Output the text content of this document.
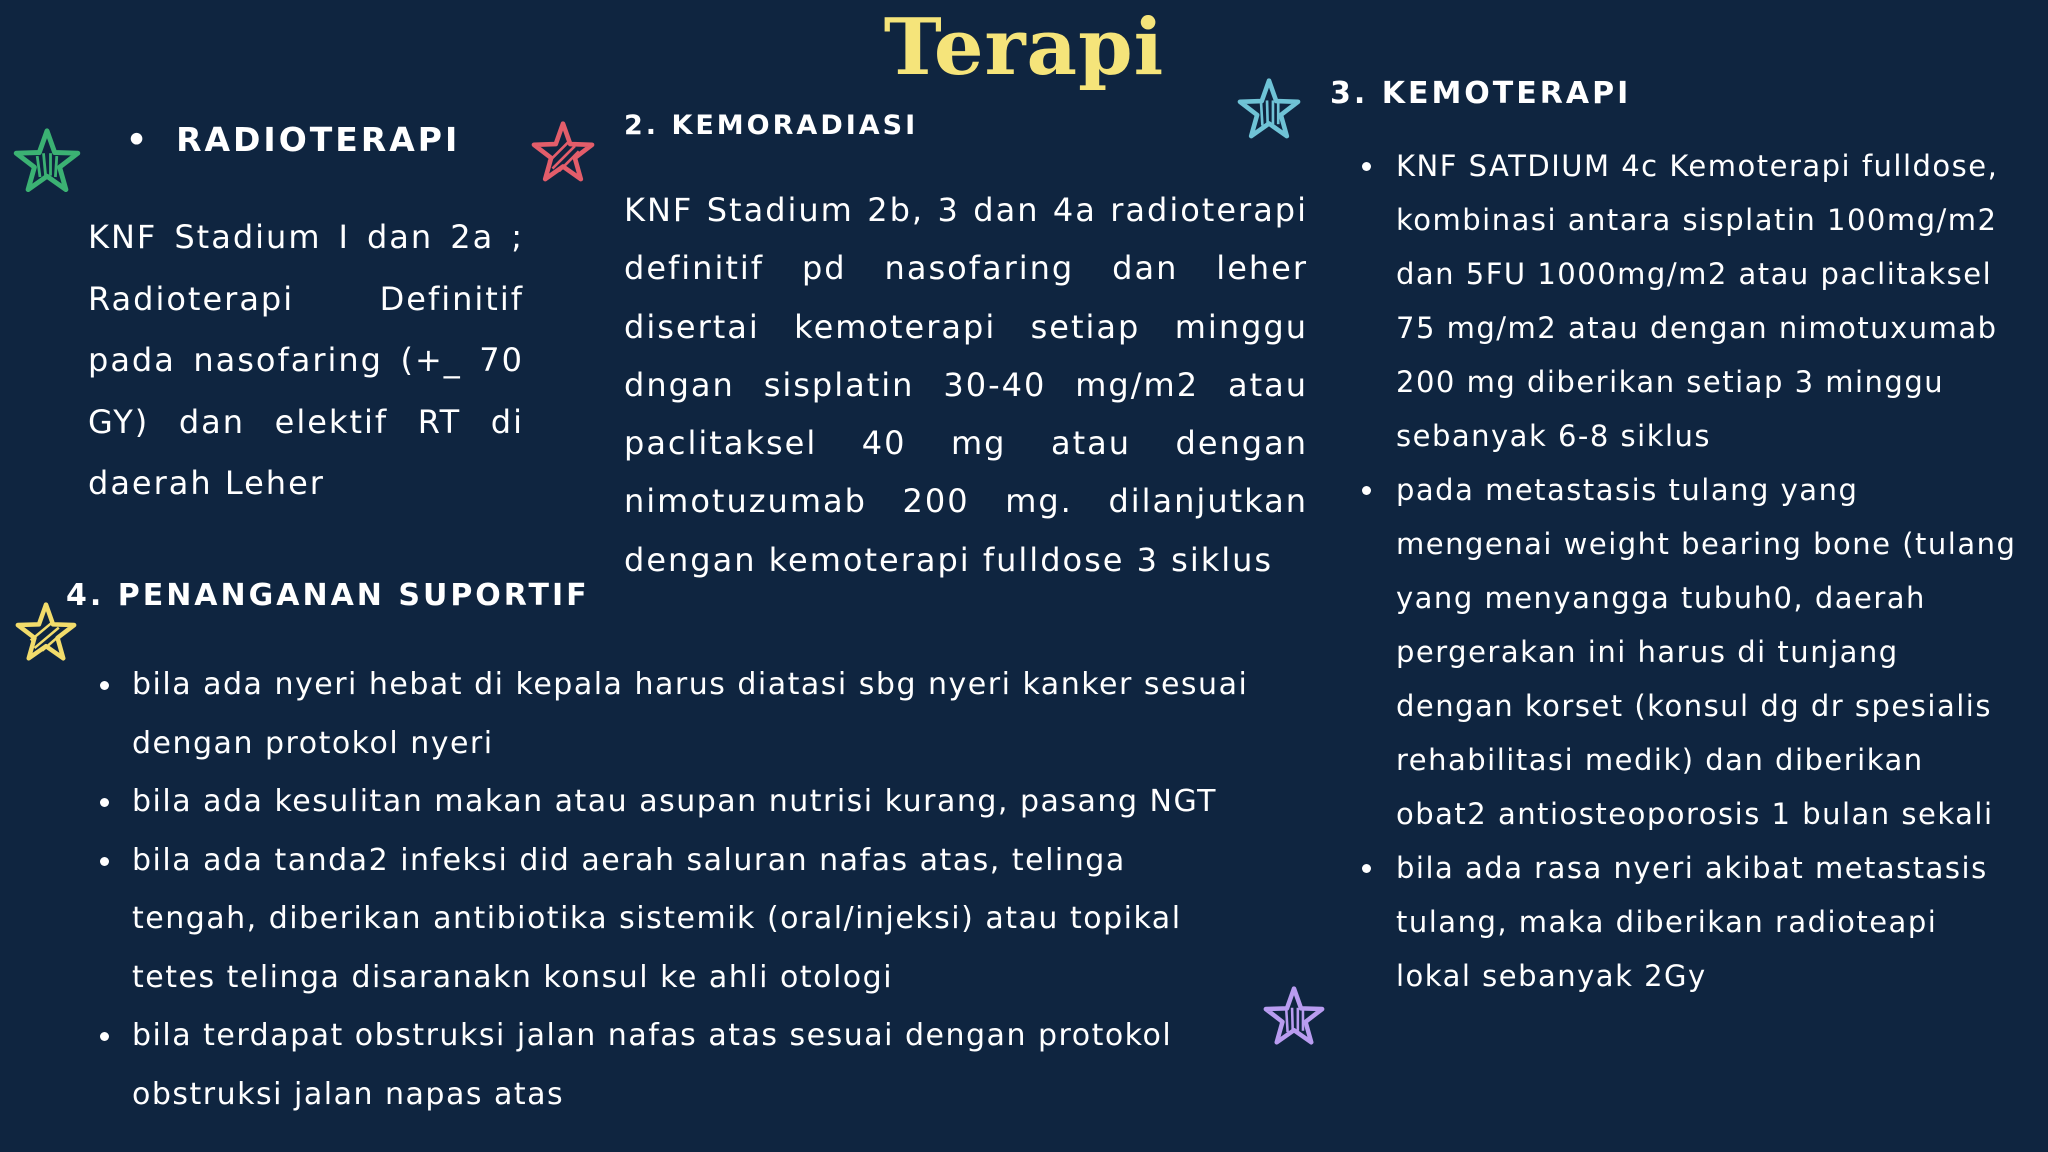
Terapi
• RADIOTERAPI

KNF Stadium I dan 2a ; Radioterapi Definitif pada nasofaring (+_ 70 GY) dan elektif RT di daerah Leher

2. KEMORADIASI

KNF Stadium 2b, 3 dan 4a radioterapi definitif pd nasofaring dan leher disertai kemoterapi setiap minggu dngan sisplatin 30-40 mg/m2 atau paclitaksel 40 mg atau dengan nimotuzumab 200 mg. dilanjutkan dengan kemoterapi fulldose 3 siklus

3. KEMOTERAPI
KNF SATDIUM 4c Kemoterapi fulldose, kombinasi antara sisplatin 100mg/m2 dan 5FU 1000mg/m2 atau paclitaksel 75 mg/m2 atau dengan nimotuxumab 200 mg diberikan setiap 3 minggu sebanyak 6-8 siklus
pada metastasis tulang yang mengenai weight bearing bone (tulang yang menyangga tubuh0, daerah pergerakan ini harus di tunjang dengan korset (konsul dg dr spesialis rehabilitasi medik) dan diberikan obat2 antiosteoporosis 1 bulan sekali
bila ada rasa nyeri akibat metastasis tulang, maka diberikan radioteapi lokal sebanyak 2Gy
4. PENANGANAN SUPORTIF
bila ada nyeri hebat di kepala harus diatasi sbg nyeri kanker sesuai dengan protokol nyeri
bila ada kesulitan makan atau asupan nutrisi kurang, pasang NGT
bila ada tanda2 infeksi did aerah saluran nafas atas, telinga tengah, diberikan antibiotika sistemik (oral/injeksi) atau topikal tetes telinga disaranakn konsul ke ahli otologi
bila terdapat obstruksi jalan nafas atas sesuai dengan protokol obstruksi jalan napas atas
